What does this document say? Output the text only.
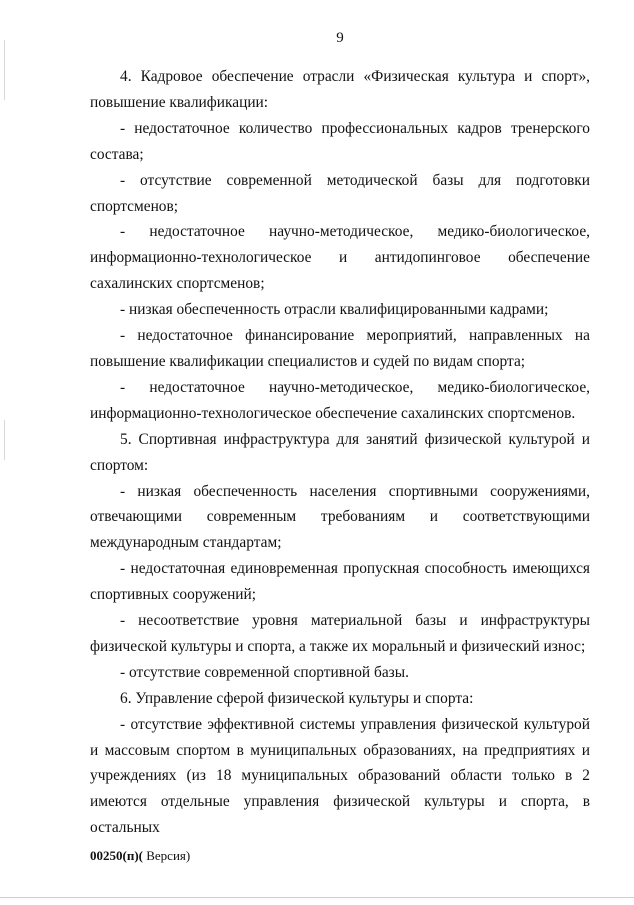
9

4. Кадровое обеспечение отрасли «Физическая культура и спорт», повышение квалификации:

- недостаточное количество профессиональных кадров тренерского состава;

- отсутствие современной методической базы для подготовки спортсменов;

- недостаточное научно-методическое, медико-биологическое, информационно-технологическое и антидопинговое обеспечение сахалинских спортсменов;

- низкая обеспеченность отрасли квалифицированными кадрами;

- недостаточное финансирование мероприятий, направленных на повышение квалификации специалистов и судей по видам спорта;

- недостаточное научно-методическое, медико-биологическое, информационно-технологическое обеспечение сахалинских спортсменов.

5. Спортивная инфраструктура для занятий физической культурой и спортом:

- низкая обеспеченность населения спортивными сооружениями, отвечающими современным требованиям и соответствующими международным стандартам;

- недостаточная единовременная пропускная способность имеющихся спортивных сооружений;

- несоответствие уровня материальной базы и инфраструктуры физической культуры и спорта, а также их моральный и физический износ;

- отсутствие современной спортивной базы.

6. Управление сферой физической культуры и спорта:

- отсутствие эффективной системы управления физической культурой и массовым спортом в муниципальных образованиях, на предприятиях и учреждениях (из 18 муниципальных образований области только в 2 имеются отдельные управления физической культуры и спорта, в остальных

00250(п)( Версия)
